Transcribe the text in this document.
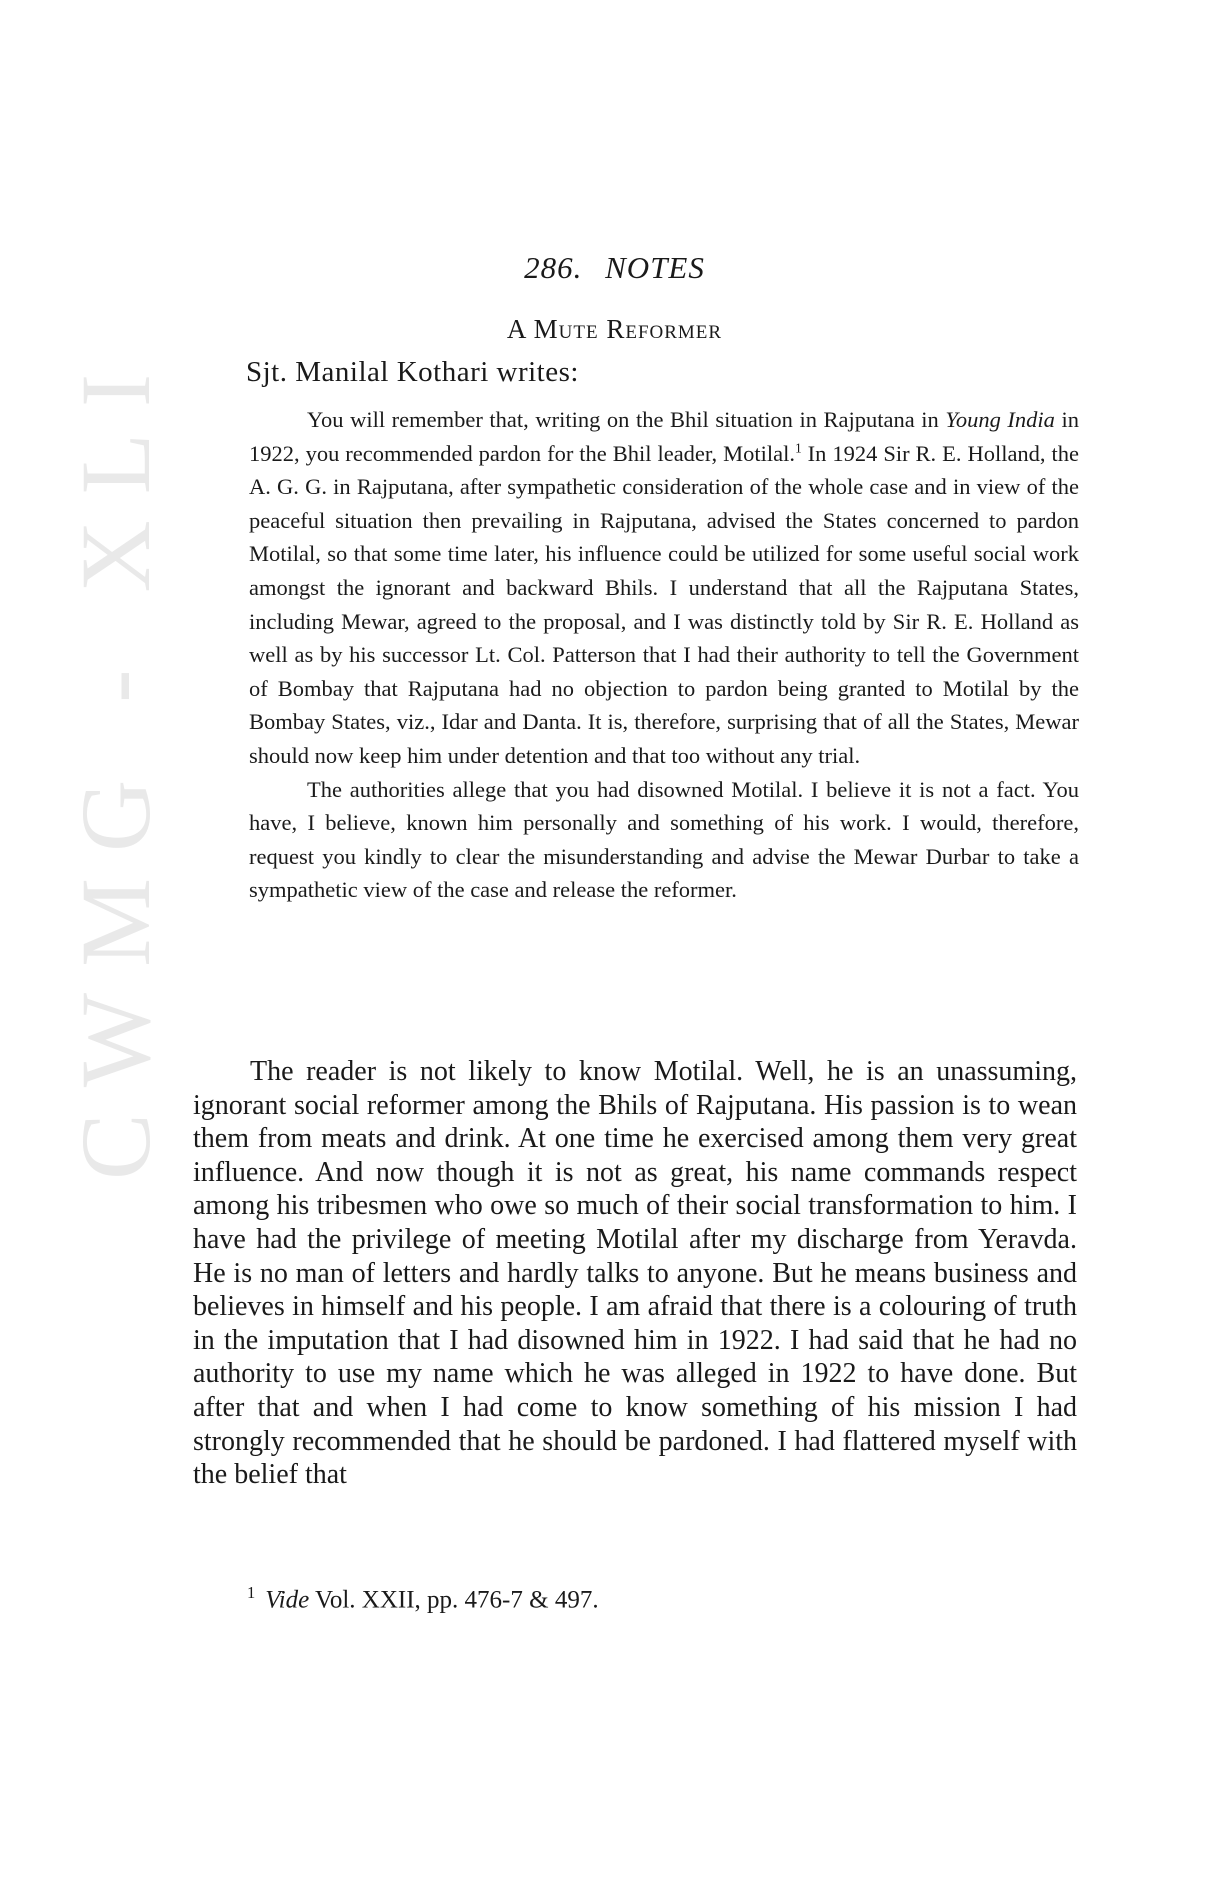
CWMG - XLI
286. NOTES
A Mute Reformer
Sjt. Manilal Kothari writes:

You will remember that, writing on the Bhil situation in Rajputana in Young India in 1922, you recommended pardon for the Bhil leader, Motilal.$^1$ In 1924 Sir R. E. Holland, the A. G. G. in Rajputana, after sympathetic consideration of the whole case and in view of the peaceful situation then prevailing in Rajputana, advised the States concerned to pardon Motilal, so that some time later, his influence could be utilized for some useful social work amongst the ignorant and backward Bhils. I understand that all the Rajputana States, including Mewar, agreed to the proposal, and I was distinctly told by Sir R. E. Holland as well as by his successor Lt. Col. Patterson that I had their authority to tell the Government of Bombay that Rajputana had no objection to pardon being granted to Motilal by the Bombay States, viz., Idar and Danta. It is, therefore, surprising that of all the States, Mewar should now keep him under detention and that too without any trial.

The authorities allege that you had disowned Motilal. I believe it is not a fact. You have, I believe, known him personally and something of his work. I would, therefore, request you kindly to clear the misunderstanding and advise the Mewar Durbar to take a sympathetic view of the case and release the reformer.

The reader is not likely to know Motilal. Well, he is an unassuming, ignorant social reformer among the Bhils of Rajputana. His passion is to wean them from meats and drink. At one time he exercised among them very great influence. And now though it is not as great, his name commands respect among his tribesmen who owe so much of their social transformation to him. I have had the privilege of meeting Motilal after my discharge from Yeravda. He is no man of letters and hardly talks to anyone. But he means business and believes in himself and his people. I am afraid that there is a colouring of truth in the imputation that I had disowned him in 1922. I had said that he had no authority to use my name which he was alleged in 1922 to have done. But after that and when I had come to know something of his mission I had strongly recommended that he should be pardoned. I had flattered myself with the belief that

$^1$ Vide Vol. XXII, pp. 476-7 & 497.
